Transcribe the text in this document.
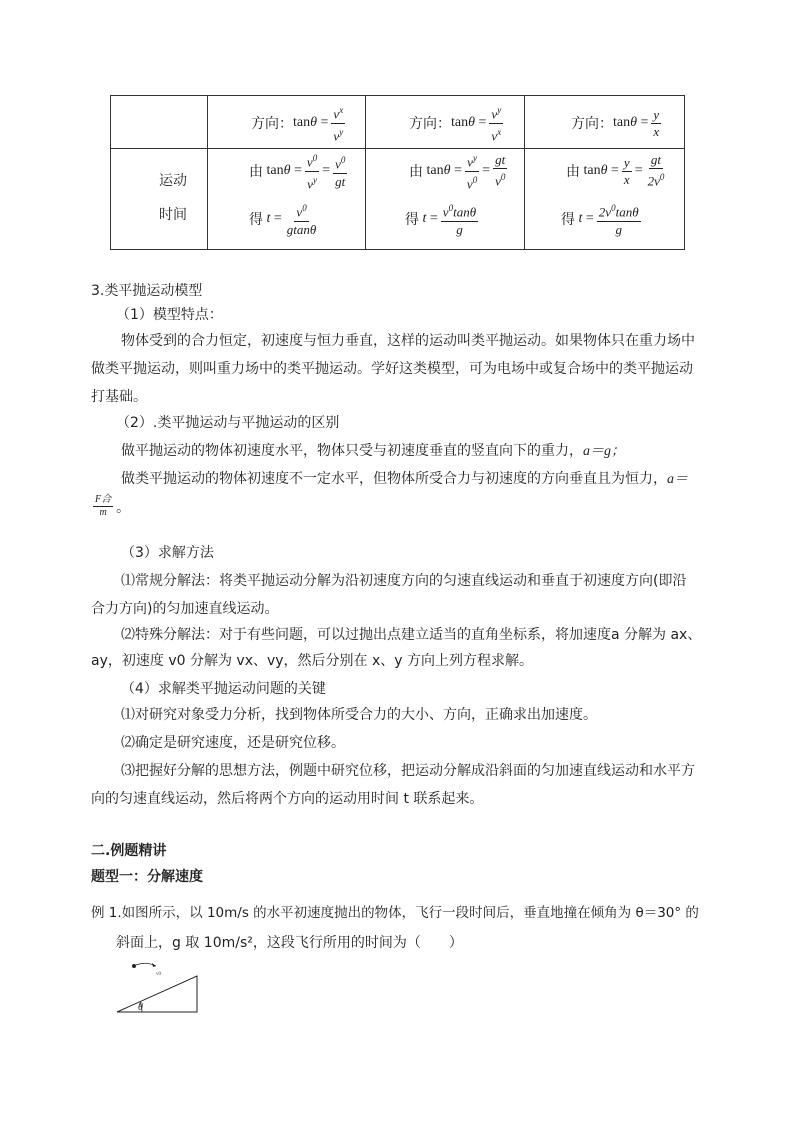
方向： $\tan \theta = \frac{v^x}{v^y}$	方向： $\tan \theta = \frac{v^y}{v^x}$	方向： $\tan \theta = \frac{y}{x}$
运动
时间
由 $\tan \theta = \frac{v^0}{v^y} = \frac{v^0}{gt}$
得 $t = \frac{v^0}{gtan\theta}$
由 $\tan \theta = \frac{v^y}{v^0} = \frac{gt}{v^0}$
得 $t = \frac{v^0\tan\theta}{g}$
由 $\tan \theta = \frac{y}{x} = \frac{gt}{2v^0}$
得 $t = \frac{2v^0\tan\theta}{g}$
3.类平抛运动模型
（1）模型特点：
物体受到的合力恒定，初速度与恒力垂直，这样的运动叫类平抛运动。如果物体只在重力场中
做类平抛运动，则叫重力场中的类平抛运动。学好这类模型，可为电场中或复合场中的类平抛运动
打基础。
（2）.类平抛运动与平抛运动的区别
做平抛运动的物体初速度水平，物体只受与初速度垂直的竖直向下的重力，a＝g；
做类平抛运动的物体初速度不一定水平，但物体所受合力与初速度的方向垂直且为恒力，a＝
$\frac{\text{F合}}{m}$ 。
（3）求解方法
⑴常规分解法：将类平抛运动分解为沿初速度方向的匀速直线运动和垂直于初速度方向(即沿
合力方向)的匀加速直线运动。
⑵特殊分解法：对于有些问题，可以过抛出点建立适当的直角坐标系，将加速度a 分解为 ax、
ay，初速度 v0 分解为 vx、vy，然后分别在 x、y 方向上列方程求解。
（4）求解类平抛运动问题的关键
⑴对研究对象受力分析，找到物体所受合力的大小、方向，正确求出加速度。
⑵确定是研究速度，还是研究位移。
⑶把握好分解的思想方法，例题中研究位移，把运动分解成沿斜面的匀加速直线运动和水平方
向的匀速直线运动，然后将两个方向的运动用时间 t 联系起来。
二.例题精讲
题型一：分解速度
例 1.如图所示，以 10m/s 的水平初速度抛出的物体，飞行一段时间后，垂直地撞在倾角为 θ＝30° 的
斜面上，g 取 10m/s²，这段飞行所用的时间为（　　）
θ
v0
